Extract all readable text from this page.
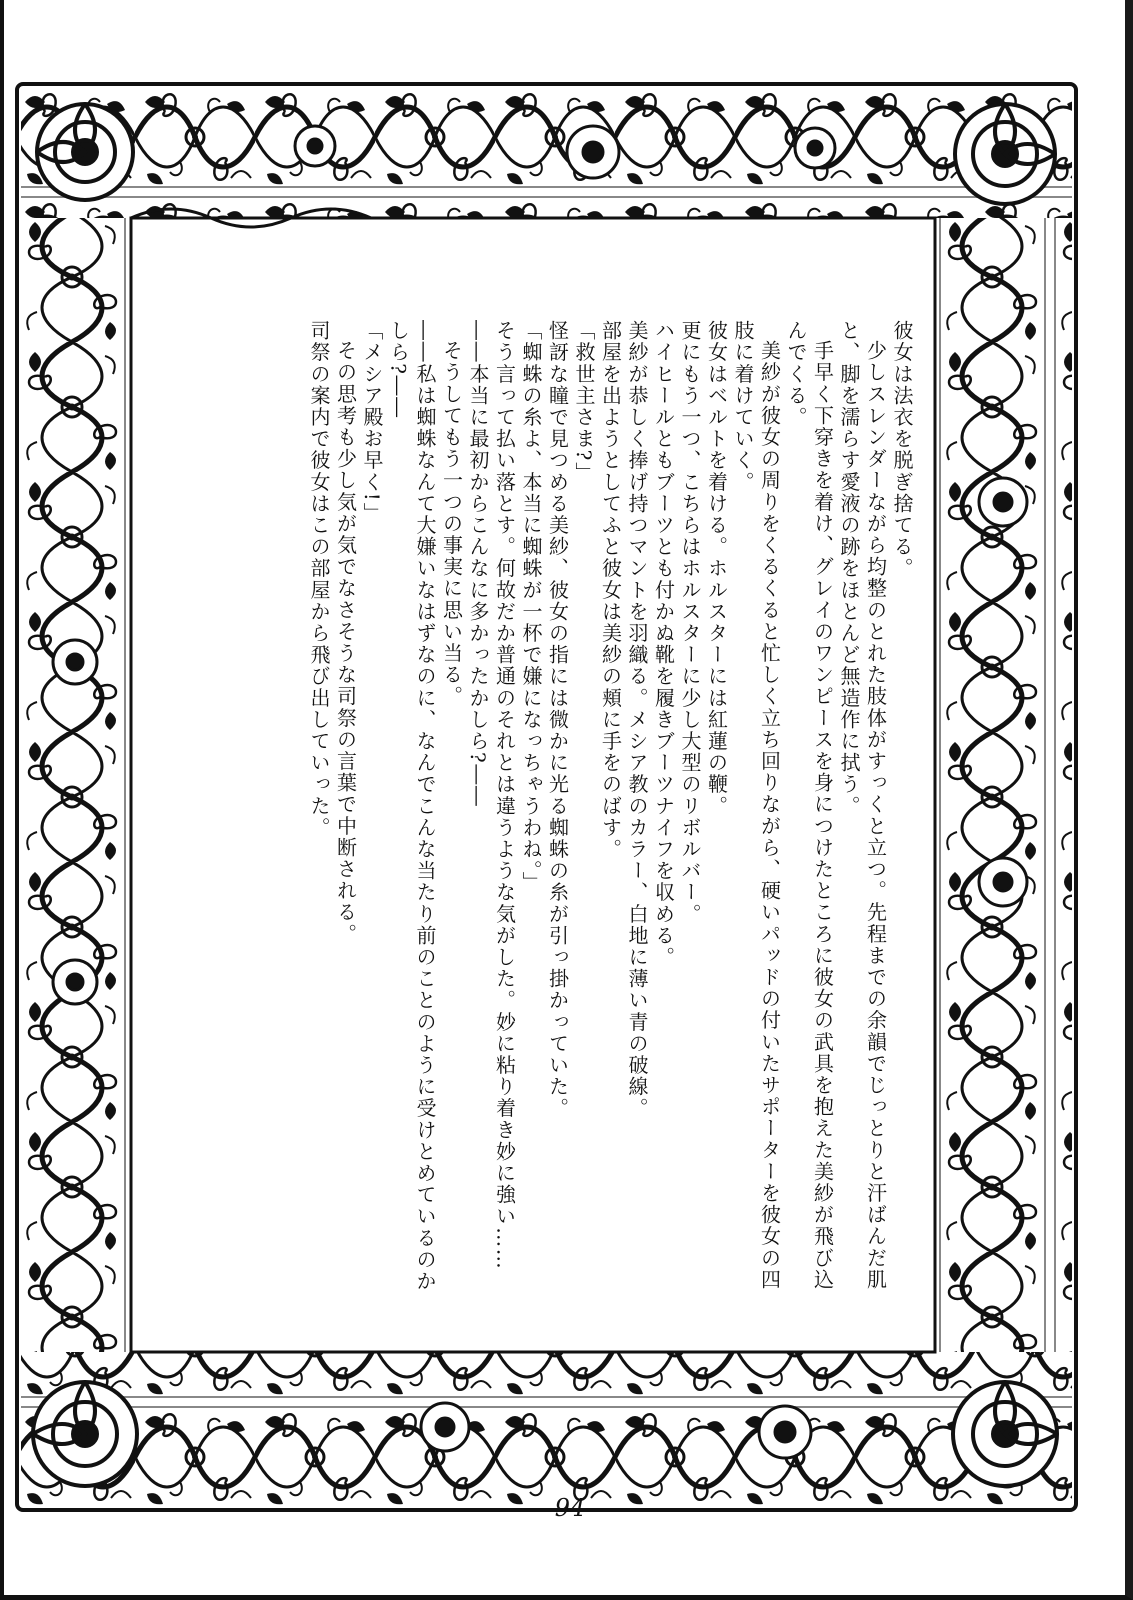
彼女は法衣を脱ぎ捨てる。

少しスレンダーながら均整のとれた肢体がすっくと立つ。先程までの余韻でじっとりと汗ばんだ肌と、脚を濡らす愛液の跡をほとんど無造作に拭う。

手早く下穿きを着け、グレイのワンピースを身につけたところに彼女の武具を抱えた美紗が飛び込んでくる。

美紗が彼女の周りをくるくると忙しく立ち回りながら、硬いパッドの付いたサポーターを彼女の四肢に着けていく。

彼女はベルトを着ける。ホルスターには紅蓮の鞭。

更にもう一つ、こちらはホルスターに少し大型のリボルバー。

ハイヒールともブーツとも付かぬ靴を履きブーツナイフを収める。

美紗が恭しく捧げ持つマントを羽織る。メシア教のカラー、白地に薄い青の破線。

部屋を出ようとしてふと彼女は美紗の頬に手をのばす。

「救世主さま?」

怪訝な瞳で見つめる美紗、彼女の指には微かに光る蜘蛛の糸が引っ掛かっていた。

「蜘蛛の糸よ、本当に蜘蛛が一杯で嫌になっちゃうわね。」

そう言って払い落とす。何故だか普通のそれとは違うような気がした。妙に粘り着き妙に強い……

――本当に最初からこんなに多かったかしら?――

そうしてもう一つの事実に思い当る。

――私は蜘蛛なんて大嫌いなはずなのに、なんでこんな当たり前のことのように受けとめているのかしら?――

「メシア殿お早く!」

その思考も少し気が気でなさそうな司祭の言葉で中断される。

司祭の案内で彼女はこの部屋から飛び出していった。

94
